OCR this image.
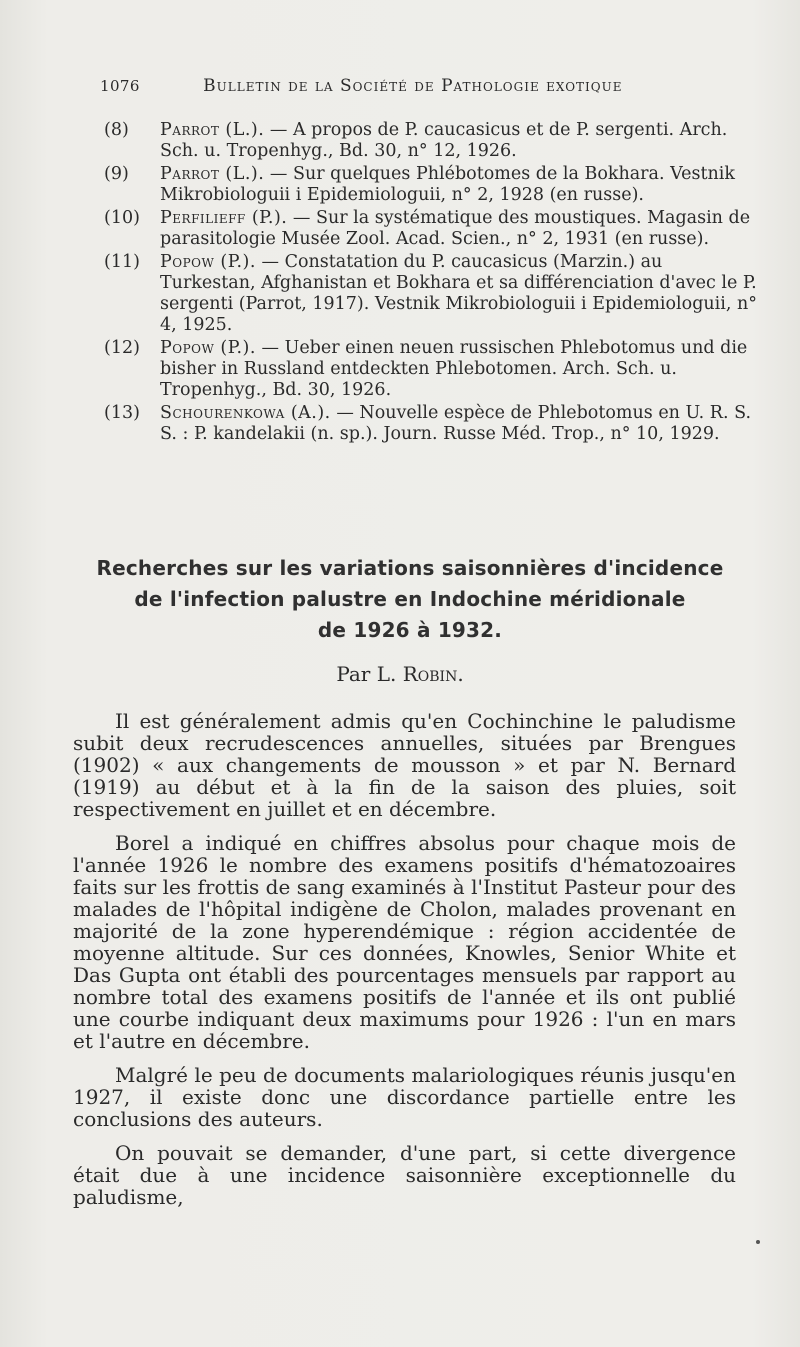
1076	Bulletin de la Société de Pathologie exotique
(8) Parrot (L.). — A propos de P. caucasicus et de P. sergenti. Arch. Sch. u. Tropenhyg., Bd. 30, n° 12, 1926.
(9) Parrot (L.). — Sur quelques Phlébotomes de la Bokhara. Vestnik Mikrobiologuii i Epidemiologuii, n° 2, 1928 (en russe).
(10) Perfilieff (P.). — Sur la systématique des moustiques. Magasin de parasitologie Musée Zool. Acad. Scien., n° 2, 1931 (en russe).
(11) Popow (P.). — Constatation du P. caucasicus (Marzin.) au Turkestan, Afghanistan et Bokhara et sa différenciation d'avec le P. sergenti (Parrot, 1917). Vestnik Mikrobiologuii i Epidemiologuii, n° 4, 1925.
(12) Popow (P.). — Ueber einen neuen russischen Phlebotomus und die bisher in Russland entdeckten Phlebotomen. Arch. Sch. u. Tropenhyg., Bd. 30, 1926.
(13) Schourenkowa (A.). — Nouvelle espèce de Phlebotomus en U. R. S. S. : P. kandelakii (n. sp.). Journ. Russe Méd. Trop., n° 10, 1929.
Recherches sur les variations saisonnières d'incidence
de l'infection palustre en Indochine méridionale
de 1926 à 1932.
Par L. Robin.

Il est généralement admis qu'en Cochinchine le paludisme subit deux recrudescences annuelles, situées par Brengues (1902) « aux changements de mousson » et par N. Bernard (1919) au début et à la fin de la saison des pluies, soit respectivement en juillet et en décembre.

Borel a indiqué en chiffres absolus pour chaque mois de l'année 1926 le nombre des examens positifs d'hématozoaires faits sur les frottis de sang examinés à l'Institut Pasteur pour des malades de l'hôpital indigène de Cholon, malades provenant en majorité de la zone hyperendémique : région accidentée de moyenne altitude. Sur ces données, Knowles, Senior White et Das Gupta ont établi des pourcentages mensuels par rapport au nombre total des examens positifs de l'année et ils ont publié une courbe indiquant deux maximums pour 1926 : l'un en mars et l'autre en décembre.

Malgré le peu de documents malariologiques réunis jusqu'en 1927, il existe donc une discordance partielle entre les conclusions des auteurs.

On pouvait se demander, d'une part, si cette divergence était due à une incidence saisonnière exceptionnelle du paludisme,
